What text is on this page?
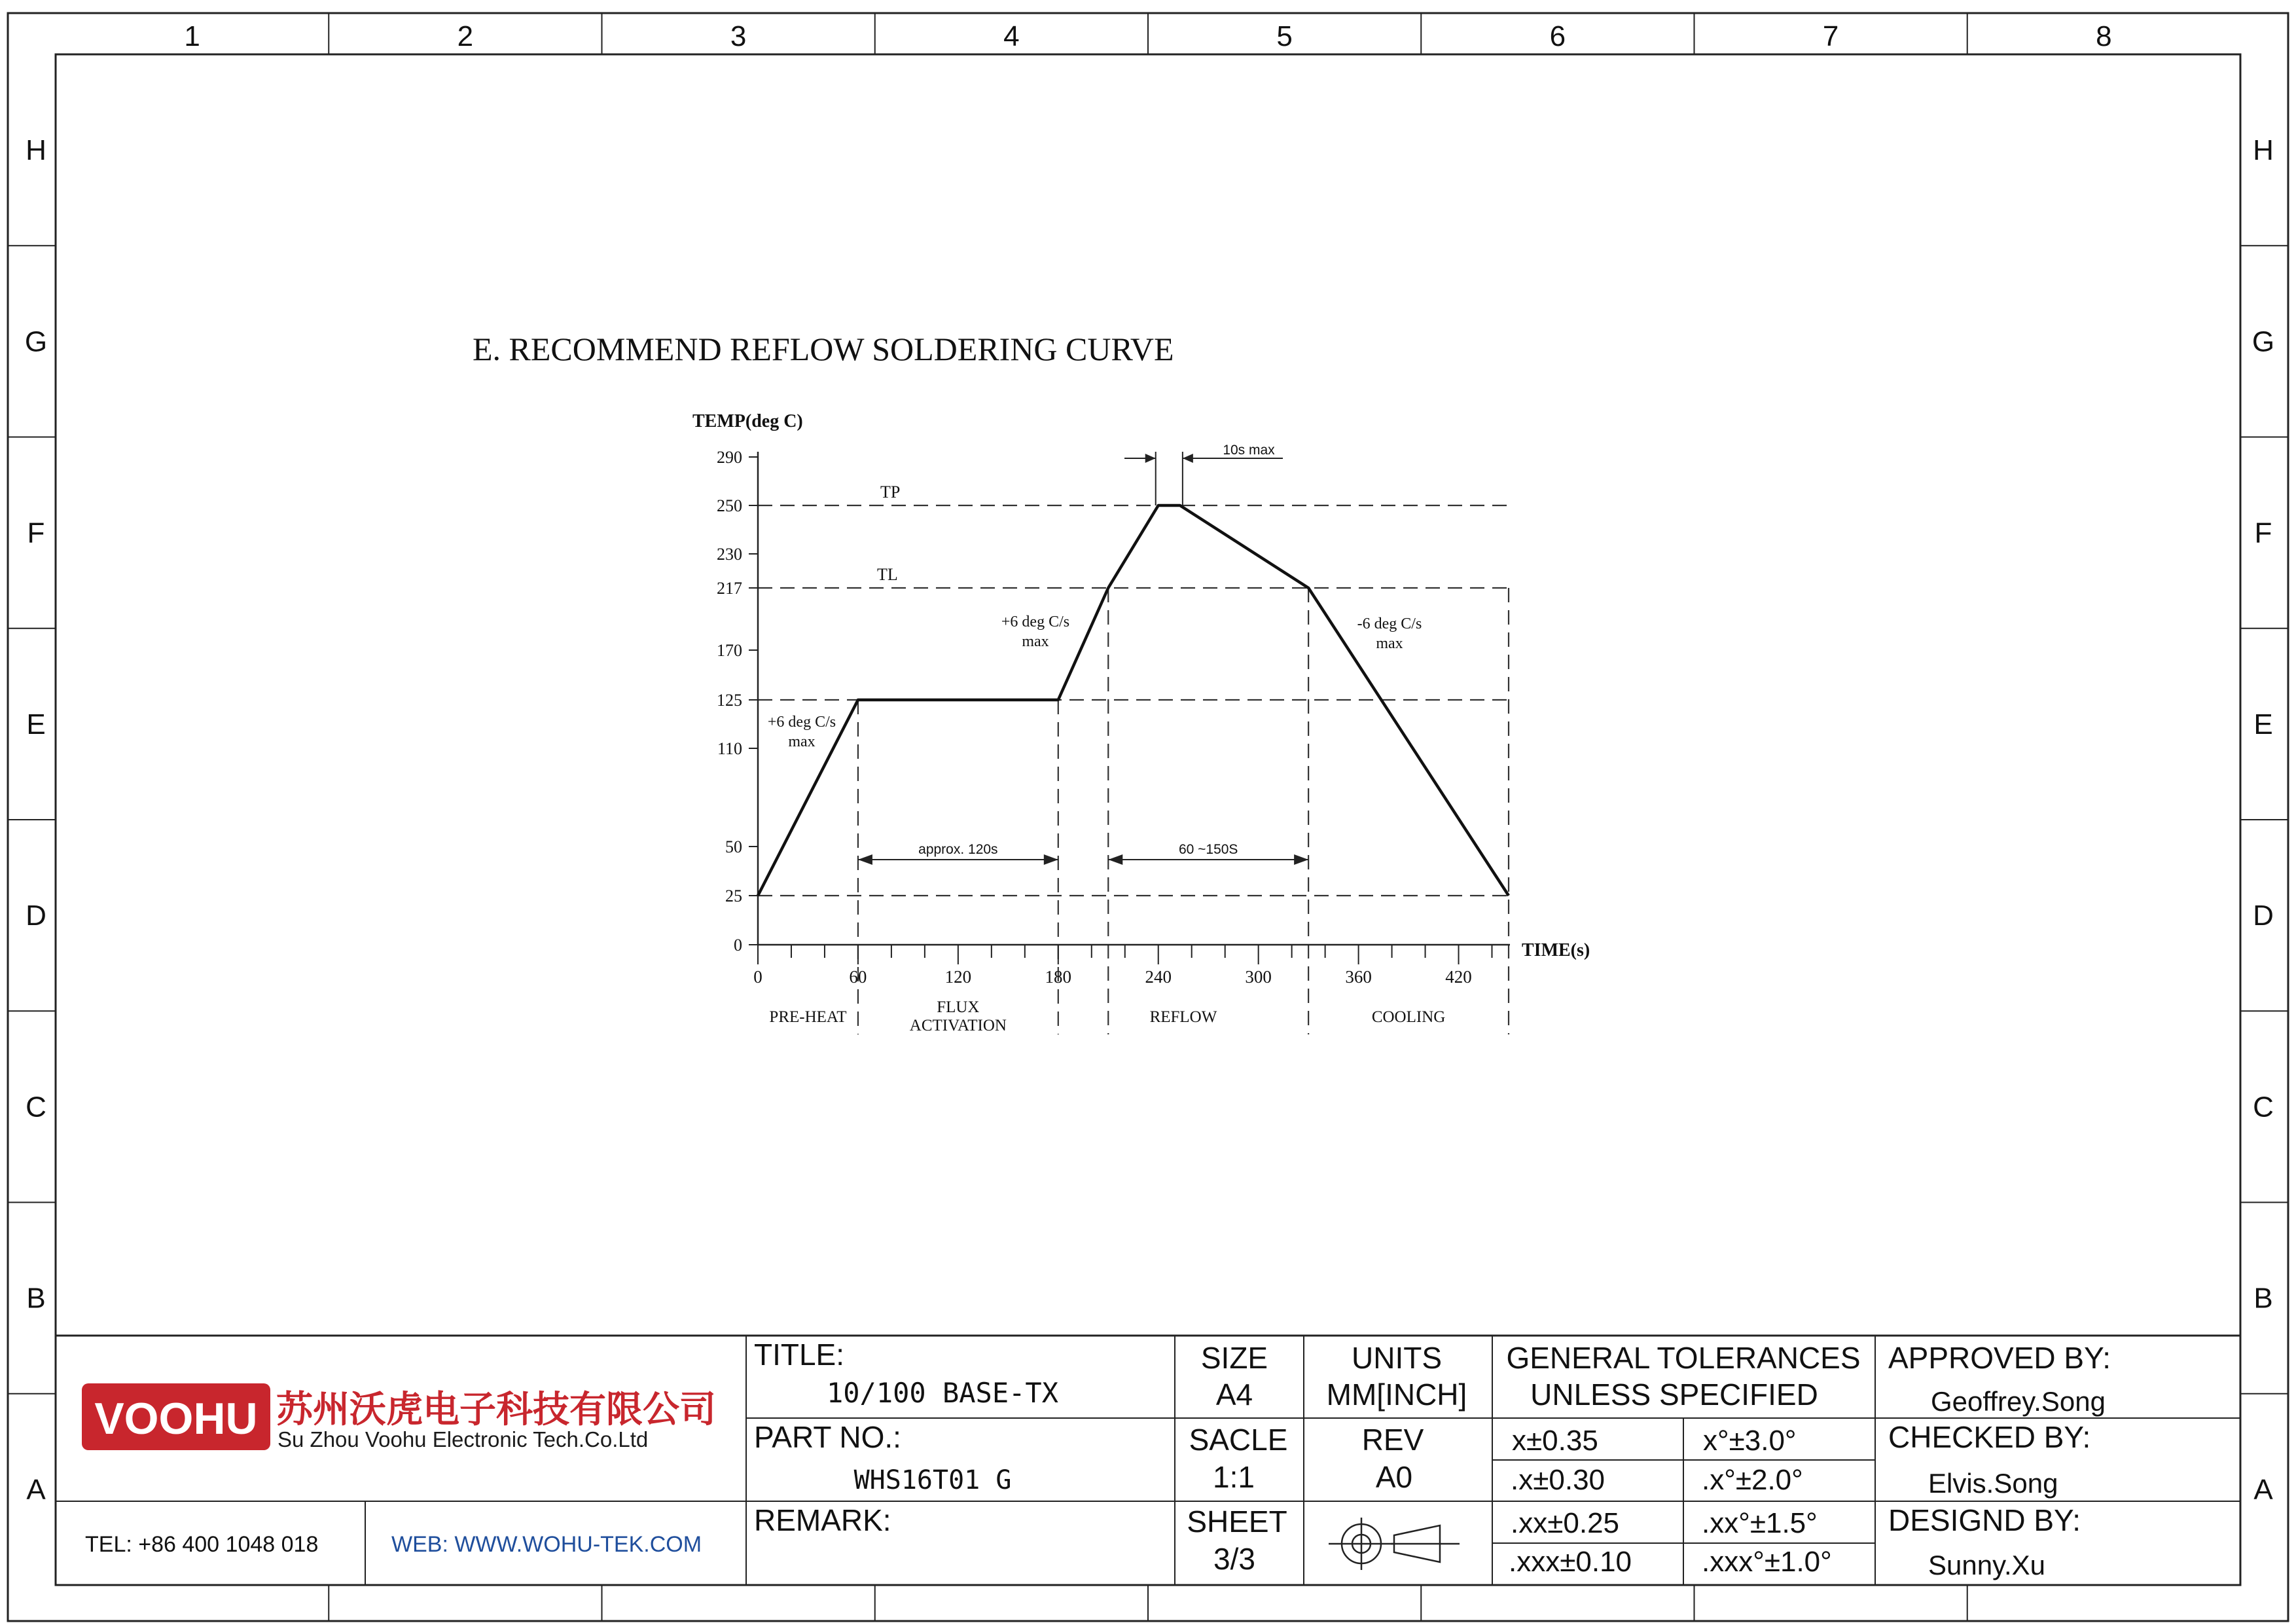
1	2	3	4	5	6	7	8
H	H
G	G
F	F
E	E
D	D
C	C
B	B
A	A
E. RECOMMEND REFLOW SOLDERING CURVE
TP
TL
0
25
50
110
125
170
217
230
250
290
0	60	120	180	240	300	360	420
+6 deg C/s
max
+6 deg C/s
max
-6 deg C/s
max
10s max
approx. 120s	60 ~150S
PRE-HEAT
FLUX
ACTIVATION	REFLOW	COOLING
TEMP(deg C)
TIME(s)
VOOHU 苏州沃虎电子科技有限公司
Su Zhou Voohu Electronic Tech.Co.Ltd
TEL: +86 400 1048 018	WEB: WWW.WOHU-TEK.COM
TITLE:
10/100 BASE-TX
PART NO.:
WHS16T01 G
REMARK:
SIZE
A4
SACLE
1:1
SHEET
3/3
UNITS
MM[INCH]
REV
A0
GENERAL TOLERANCES
UNLESS SPECIFIED
x±0.35	x°±3.0°
.x±0.30	.x°±2.0°
.xx±0.25	.xx°±1.5°
.xxx±0.10 .xxx°±1.0°
APPROVED BY:
Geoffrey.Song
CHECKED BY:
Elvis.Song
DESIGND BY:
Sunny.Xu
